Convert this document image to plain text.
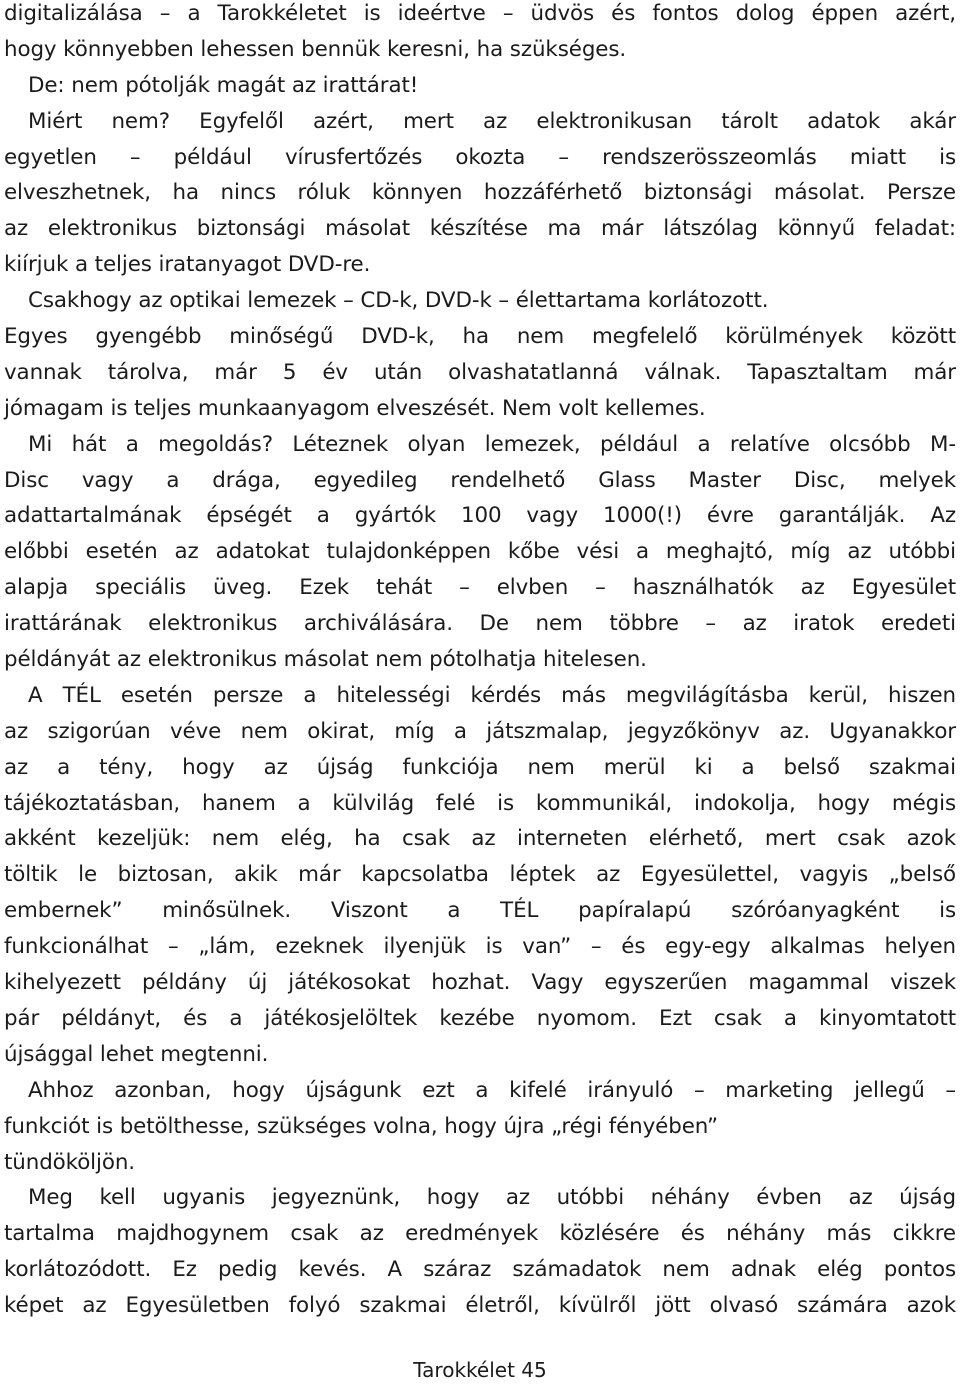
digitalizálása – a Tarokkéletet is ideértve – üdvös és fontos dolog éppen azért,
hogy könnyebben lehessen bennük keresni, ha szükséges.
De: nem pótolják magát az irattárat!
Miért nem? Egyfelől azért, mert az elektronikusan tárolt adatok akár
egyetlen – például vírusfertőzés okozta – rendszerösszeomlás miatt is
elveszhetnek, ha nincs róluk könnyen hozzáférhető biztonsági másolat. Persze
az elektronikus biztonsági másolat készítése ma már látszólag könnyű feladat:
kiírjuk a teljes iratanyagot DVD-re.
Csakhogy az optikai lemezek – CD-k, DVD-k – élettartama korlátozott.
Egyes gyengébb minőségű DVD-k, ha nem megfelelő körülmények között
vannak tárolva, már 5 év után olvashatatlanná válnak. Tapasztaltam már
jómagam is teljes munkaanyagom elveszését. Nem volt kellemes.
Mi hát a megoldás? Léteznek olyan lemezek, például a relatíve olcsóbb M-
Disc vagy a drága, egyedileg rendelhető Glass Master Disc, melyek
adattartalmának épségét a gyártók 100 vagy 1000(!) évre garantálják. Az
előbbi esetén az adatokat tulajdonképpen kőbe vési a meghajtó, míg az utóbbi
alapja speciális üveg. Ezek tehát – elvben – használhatók az Egyesület
irattárának elektronikus archiválására. De nem többre – az iratok eredeti
példányát az elektronikus másolat nem pótolhatja hitelesen.
A TÉL esetén persze a hitelességi kérdés más megvilágításba kerül, hiszen
az szigorúan véve nem okirat, míg a játszmalap, jegyzőkönyv az. Ugyanakkor
az a tény, hogy az újság funkciója nem merül ki a belső szakmai
tájékoztatásban, hanem a külvilág felé is kommunikál, indokolja, hogy mégis
akként kezeljük: nem elég, ha csak az interneten elérhető, mert csak azok
töltik le biztosan, akik már kapcsolatba léptek az Egyesülettel, vagyis „belső
embernek” minősülnek. Viszont a TÉL papíralapú szóróanyagként is
funkcionálhat – „lám, ezeknek ilyenjük is van” – és egy-egy alkalmas helyen
kihelyezett példány új játékosokat hozhat. Vagy egyszerűen magammal viszek
pár példányt, és a játékosjelöltek kezébe nyomom. Ezt csak a kinyomtatott
újsággal lehet megtenni.
Ahhoz azonban, hogy újságunk ezt a kifelé irányuló – marketing jellegű –
funkciót is betölthesse, szükséges volna, hogy újra „régi fényében”
tündököljön.
Meg kell ugyanis jegyeznünk, hogy az utóbbi néhány évben az újság
tartalma majdhogynem csak az eredmények közlésére és néhány más cikkre
korlátozódott. Ez pedig kevés. A száraz számadatok nem adnak elég pontos
képet az Egyesületben folyó szakmai életről, kívülről jött olvasó számára azok
Tarokkélet 45
